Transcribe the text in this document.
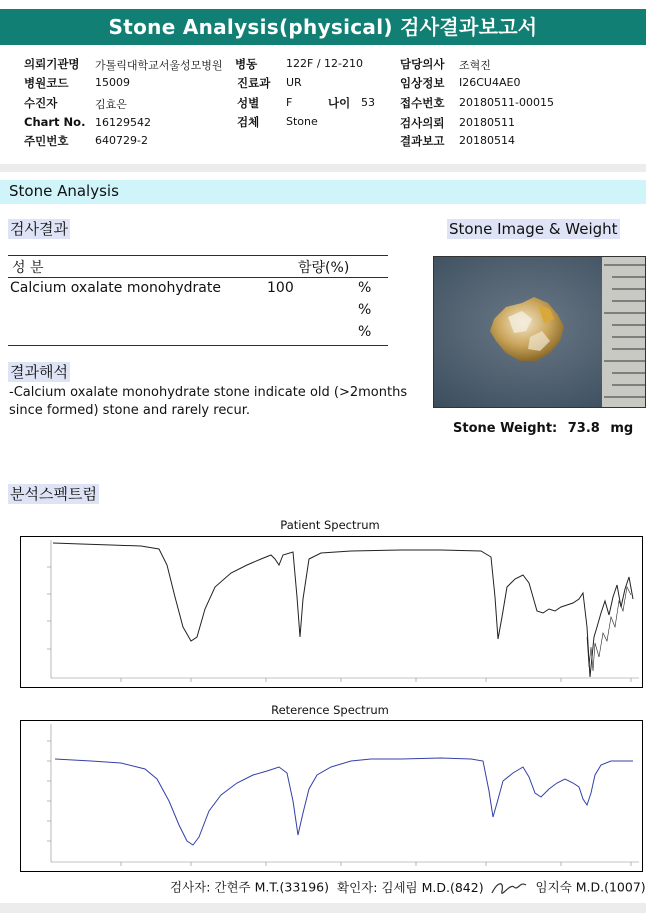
Stone Analysis(physical) 검사결과보고서
의뢰기관명 가톨릭대학교서울성모병원 병동	122F / 12-210	담당의사 조혁진
병원코드 15009	진료과 UR	임상정보 I26CU4AE0
수진자	김효은	성별 F	나이 53 접수번호 20180511-00015
Chart No. 16129542	검체 Stone	검사의뢰 20180511
주민번호 640729-2	결과보고 20180514
Stone Analysis
검사결과
성 분	함량(%)
Calcium oxalate monohydrate	100	%
%
%
결과해석
-Calcium oxalate monohydrate stone indicate old (>2months since formed) stone and rarely recur.
Stone Image & Weight
Stone Weight: 73.8 mg
분석스펙트럼
Patient Spectrum
Reterence Spectrum
검사자: 간현주 M.T.(33196) 확인자: 김세림 M.D.(842)	임지숙 M.D.(1007)
